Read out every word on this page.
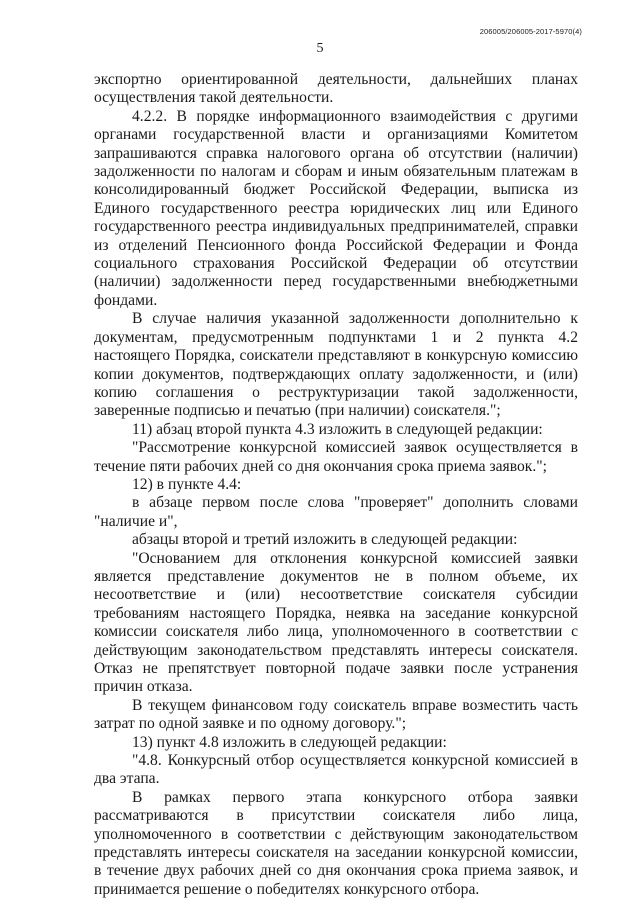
206005/206005-2017-5970(4)
5

экспортно ориентированной деятельности, дальнейших планах осуществления такой деятельности.

4.2.2. В порядке информационного взаимодействия с другими органами государственной власти и организациями Комитетом запрашиваются справка налогового органа об отсутствии (наличии) задолженности по налогам и сборам и иным обязательным платежам в консолидированный бюджет Российской Федерации, выписка из Единого государственного реестра юридических лиц или Единого государственного реестра индивидуальных предпринимателей, справки из отделений Пенсионного фонда Российской Федерации и Фонда социального страхования Российской Федерации об отсутствии (наличии) задолженности перед государственными внебюджетными фондами.

В случае наличия указанной задолженности дополнительно к документам, предусмотренным подпунктами 1 и 2 пункта 4.2 настоящего Порядка, соискатели представляют в конкурсную комиссию копии документов, подтверждающих оплату задолженности, и (или) копию соглашения о реструктуризации такой задолженности, заверенные подписью и печатью (при наличии) соискателя.";

11) абзац второй пункта 4.3 изложить в следующей редакции:

"Рассмотрение конкурсной комиссией заявок осуществляется в течение пяти рабочих дней со дня окончания срока приема заявок.";

12) в пункте 4.4:

в абзаце первом после слова "проверяет" дополнить словами "наличие и",

абзацы второй и третий изложить в следующей редакции:

"Основанием для отклонения конкурсной комиссией заявки является представление документов не в полном объеме, их несоответствие и (или) несоответствие соискателя субсидии требованиям настоящего Порядка, неявка на заседание конкурсной комиссии соискателя либо лица, уполномоченного в соответствии с действующим законодательством представлять интересы соискателя. Отказ не препятствует повторной подаче заявки после устранения причин отказа.

В текущем финансовом году соискатель вправе возместить часть затрат по одной заявке и по одному договору.";

13) пункт 4.8 изложить в следующей редакции:

"4.8. Конкурсный отбор осуществляется конкурсной комиссией в два этапа.

В рамках первого этапа конкурсного отбора заявки рассматриваются в присутствии соискателя либо лица, уполномоченного в соответствии с действующим законодательством представлять интересы соискателя на заседании конкурсной комиссии, в течение двух рабочих дней со дня окончания срока приема заявок, и принимается решение о победителях конкурсного отбора.
